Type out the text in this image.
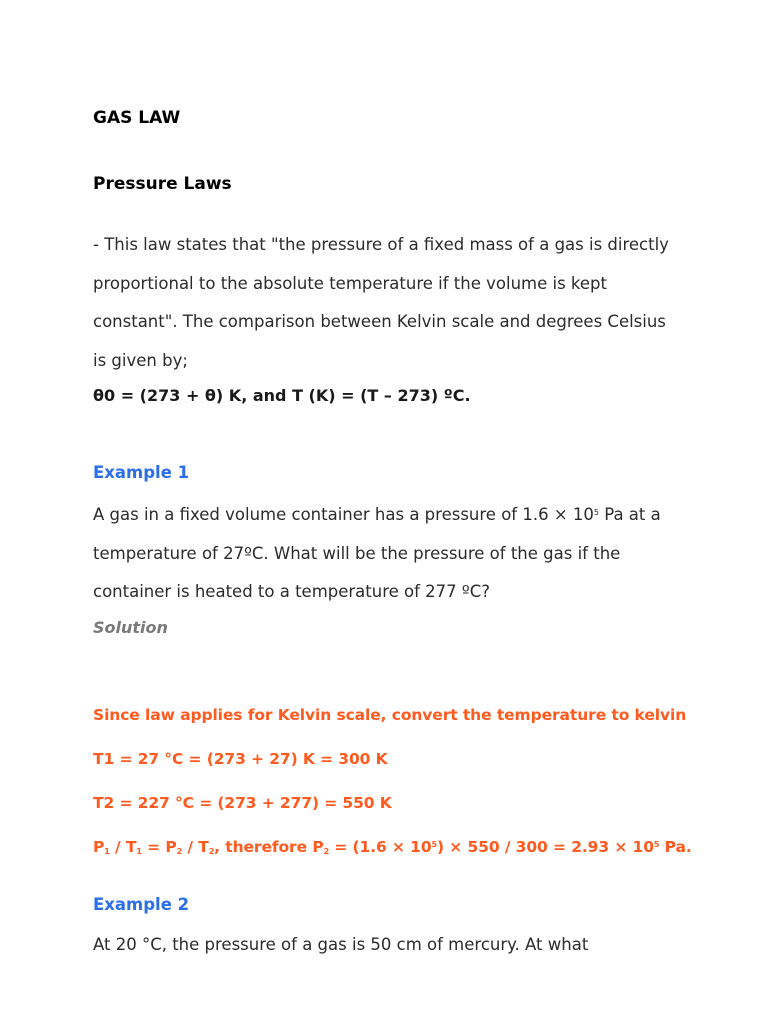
GAS LAW
Pressure Laws

- This law states that "the pressure of a fixed mass of a gas is directly proportional to the absolute temperature if the volume is kept constant". The comparison between Kelvin scale and degrees Celsius is given by;

θ0 = (273 + θ) K, and T (K) = (T – 273) ºC.

Example 1

A gas in a fixed volume container has a pressure of $1.6 \times 10^5$ Pa at a temperature of 27ºC. What will be the pressure of the gas if the container is heated to a temperature of 277 ºC?

Solution

Since law applies for Kelvin scale, convert the temperature to kelvin

T1 = 27 °C = (273 + 27) K = 300 K

T2 = 227 °C = (273 + 277) = 550 K

P1 / T1 = P2 / T2, therefore $P2 = (1.6 \times 10^5) \times 550 / 300 = 2.93 \times 10^5$ Pa.

Example 2

At 20 °C, the pressure of a gas is 50 cm of mercury. At what
